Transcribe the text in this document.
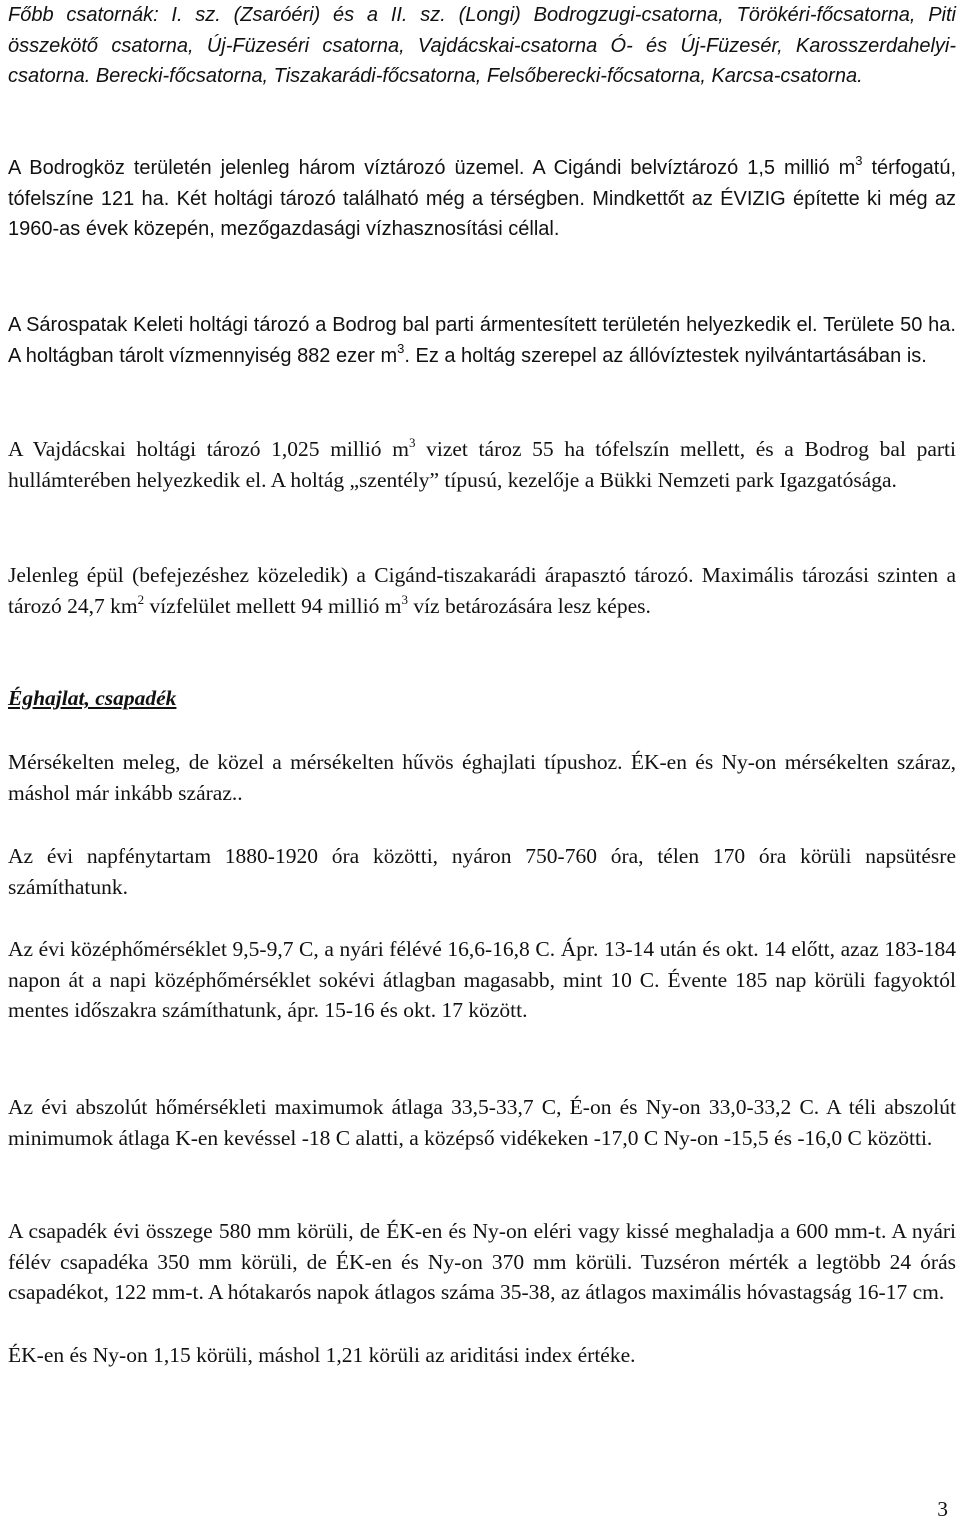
Főbb csatornák: I. sz. (Zsaróéri) és a II. sz. (Longi) Bodrogzugi-csatorna, Törökéri-főcsatorna, Piti összekötő csatorna, Új-Füzeséri csatorna, Vajdácskai-csatorna Ó- és Új-Füzesér, Karosszerdahelyi-csatorna. Berecki-főcsatorna, Tiszakarádi-főcsatorna, Felsőberecki-főcsatorna, Karcsa-csatorna.

A Bodrogköz területén jelenleg három víztározó üzemel. A Cigándi belvíztározó 1,5 millió $m^3$ térfogatú, tófelszíne 121 ha. Két holtági tározó található még a térségben. Mindkettőt az ÉVIZIG építette ki még az 1960-as évek közepén, mezőgazdasági vízhasznosítási céllal.

A Sárospatak Keleti holtági tározó a Bodrog bal parti ármentesített területén helyezkedik el. Területe 50 ha. A holtágban tárolt vízmennyiség 882 ezer $m^3$. Ez a holtág szerepel az állóvíztestek nyilvántartásában is.

A Vajdácskai holtági tározó 1,025 millió $m^3$ vizet tároz 55 ha tófelszín mellett, és a Bodrog bal parti hullámterében helyezkedik el. A holtág „szentély” típusú, kezelője a Bükki Nemzeti park Igazgatósága.

Jelenleg épül (befejezéshez közeledik) a Cigánd-tiszakarádi árapasztó tározó. Maximális tározási szinten a tározó 24,7 $km^2$ vízfelület mellett 94 millió $m^3$ víz betározására lesz képes.

Éghajlat, csapadék

Mérsékelten meleg, de közel a mérsékelten hűvös éghajlati típushoz. ÉK-en és Ny-on mérsékelten száraz, máshol már inkább száraz..

Az évi napfénytartam 1880-1920 óra közötti, nyáron 750-760 óra, télen 170 óra körüli napsütésre számíthatunk.

Az évi középhőmérséklet 9,5-9,7 C, a nyári félévé 16,6-16,8 C. Ápr. 13-14 után és okt. 14 előtt, azaz 183-184 napon át a napi középhőmérséklet sokévi átlagban magasabb, mint 10 C. Évente 185 nap körüli fagyoktól mentes időszakra számíthatunk, ápr. 15-16 és okt. 17 között.

Az évi abszolút hőmérsékleti maximumok átlaga 33,5-33,7 C, É-on és Ny-on 33,0-33,2 C. A téli abszolút minimumok átlaga K-en kevéssel -18 C alatti, a középső vidékeken -17,0 C Ny-on -15,5 és -16,0 C közötti.

A csapadék évi összege 580 mm körüli, de ÉK-en és Ny-on eléri vagy kissé meghaladja a 600 mm-t. A nyári félév csapadéka 350 mm körüli, de ÉK-en és Ny-on 370 mm körüli. Tuzséron mérték a legtöbb 24 órás csapadékot, 122 mm-t. A hótakarós napok átlagos száma 35-38, az átlagos maximális hóvastagság 16-17 cm.

ÉK-en és Ny-on 1,15 körüli, máshol 1,21 körüli az ariditási index értéke.

3
